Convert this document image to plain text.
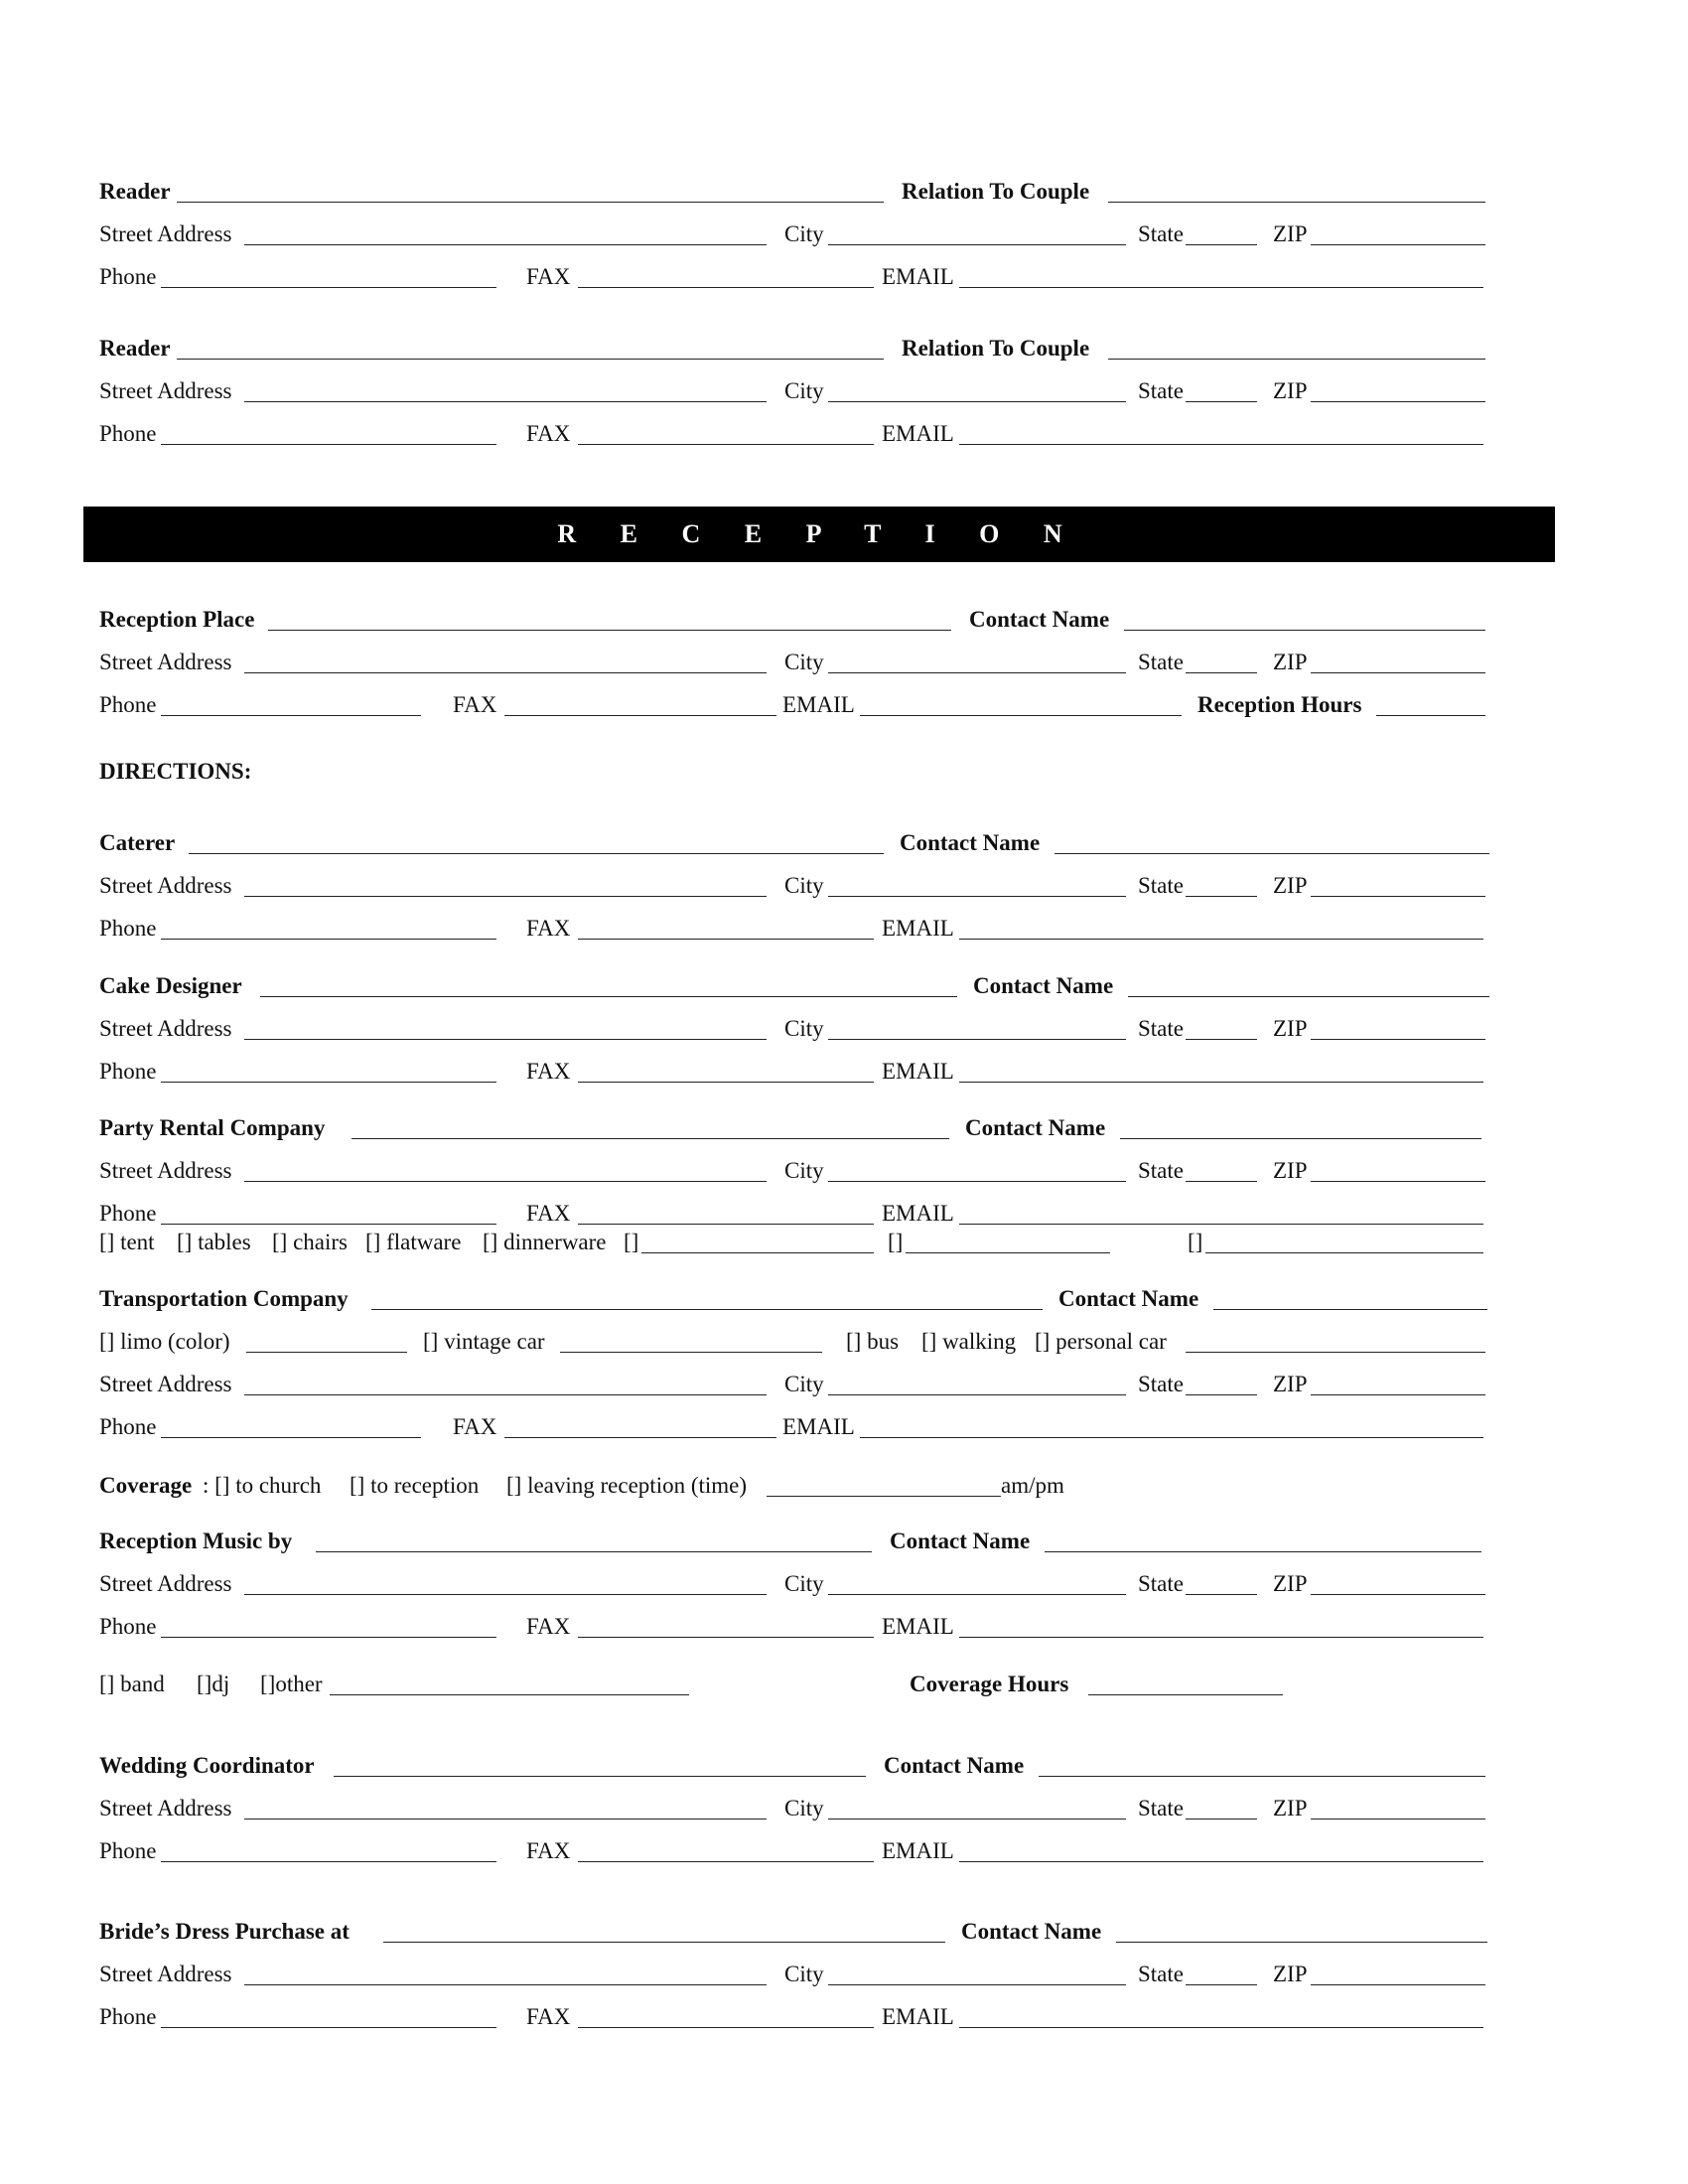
Reader	Relation To Couple
Street Address	City	State	ZIP
Phone	FAX	EMAIL
Reader	Relation To Couple
Street Address	City	State	ZIP
Phone	FAX	EMAIL
R E C E P T I O N
Reception Place	Contact Name
Street Address	City	State	ZIP
Phone	FAX	EMAIL	Reception Hours
DIRECTIONS:
Caterer	Contact Name
Street Address	City	State	ZIP
Phone	FAX	EMAIL
Cake Designer	Contact Name
Street Address	City	State	ZIP
Phone	FAX	EMAIL
Party Rental Company	Contact Name
Street Address	City	State	ZIP
Phone	FAX	EMAIL
[] tent [] tables [] chairs [] flatware [] dinnerware []	[]	[]
Transportation Company	Contact Name
[] limo (color)	[] vintage car	[] bus [] walking [] personal car
Street Address	City	State	ZIP
Phone	FAX	EMAIL
Coverage : [] to church [] to reception [] leaving reception (time)	am/pm
Reception Music by	Contact Name
Street Address	City	State	ZIP
Phone	FAX	EMAIL
[] band []dj []other	Coverage Hours
Wedding Coordinator	Contact Name
Street Address	City	State	ZIP
Phone	FAX	EMAIL
Bride’s Dress Purchase at	Contact Name
Street Address	City	State	ZIP
Phone	FAX	EMAIL
